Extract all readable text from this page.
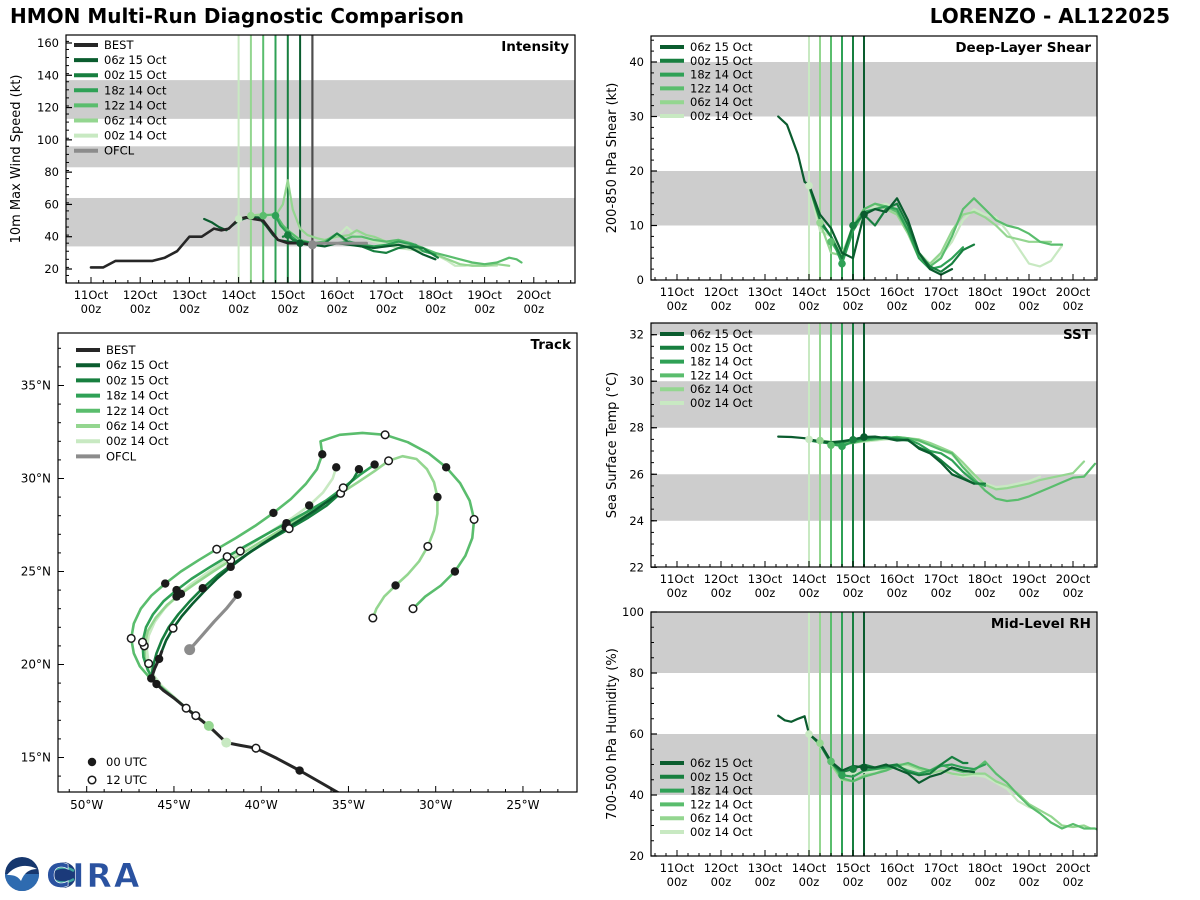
HMON Multi-Run Diagnostic Comparison	LORENZO - AL122025
Intensity
11Oct
00z
12Oct
00z
13Oct
00z
14Oct
00z
15Oct
00z
16Oct
00z
17Oct
00z
18Oct
00z
19Oct
00z
20Oct
00z
20
40
60
80
100
120
140
160
10m Max Wind Speed (kt)
BEST
06z 15 Oct
00z 15 Oct
18z 14 Oct
12z 14 Oct
06z 14 Oct
00z 14 Oct
OFCL
Track
50°W	45°W	40°W	35°W	30°W	25°W
15°N
20°N
25°N
30°N
35°N
BEST
06z 15 Oct
00z 15 Oct
18z 14 Oct
12z 14 Oct
06z 14 Oct
00z 14 Oct
OFCL
00 UTC
12 UTC
Deep-Layer Shear
11Oct
00z
12Oct
00z
13Oct
00z
14Oct
00z
15Oct
00z
16Oct
00z
17Oct
00z
18Oct
00z
19Oct
00z
20Oct
00z
0
10
20
30
40
200-850 hPa Shear (kt)
06z 15 Oct
00z 15 Oct
18z 14 Oct
12z 14 Oct
06z 14 Oct
00z 14 Oct
SST
11Oct
00z
12Oct
00z
13Oct
00z
14Oct
00z
15Oct
00z
16Oct
00z
17Oct
00z
18Oct
00z
19Oct
00z
20Oct
00z
22
24
26
28
30
32
Sea Surface Temp (°C)
06z 15 Oct
00z 15 Oct
18z 14 Oct
12z 14 Oct
06z 14 Oct
00z 14 Oct
Mid-Level RH
11Oct
00z
12Oct
00z
13Oct
00z
14Oct
00z
15Oct
00z
16Oct
00z
17Oct
00z
18Oct
00z
19Oct
00z
20Oct
00z
20
40
60
80
100
700-500 hPa Humidity (%)	06z 15 Oct
00z 15 Oct
18z 14 Oct
12z 14 Oct
06z 14 Oct
00z 14 Oct
CIRA
